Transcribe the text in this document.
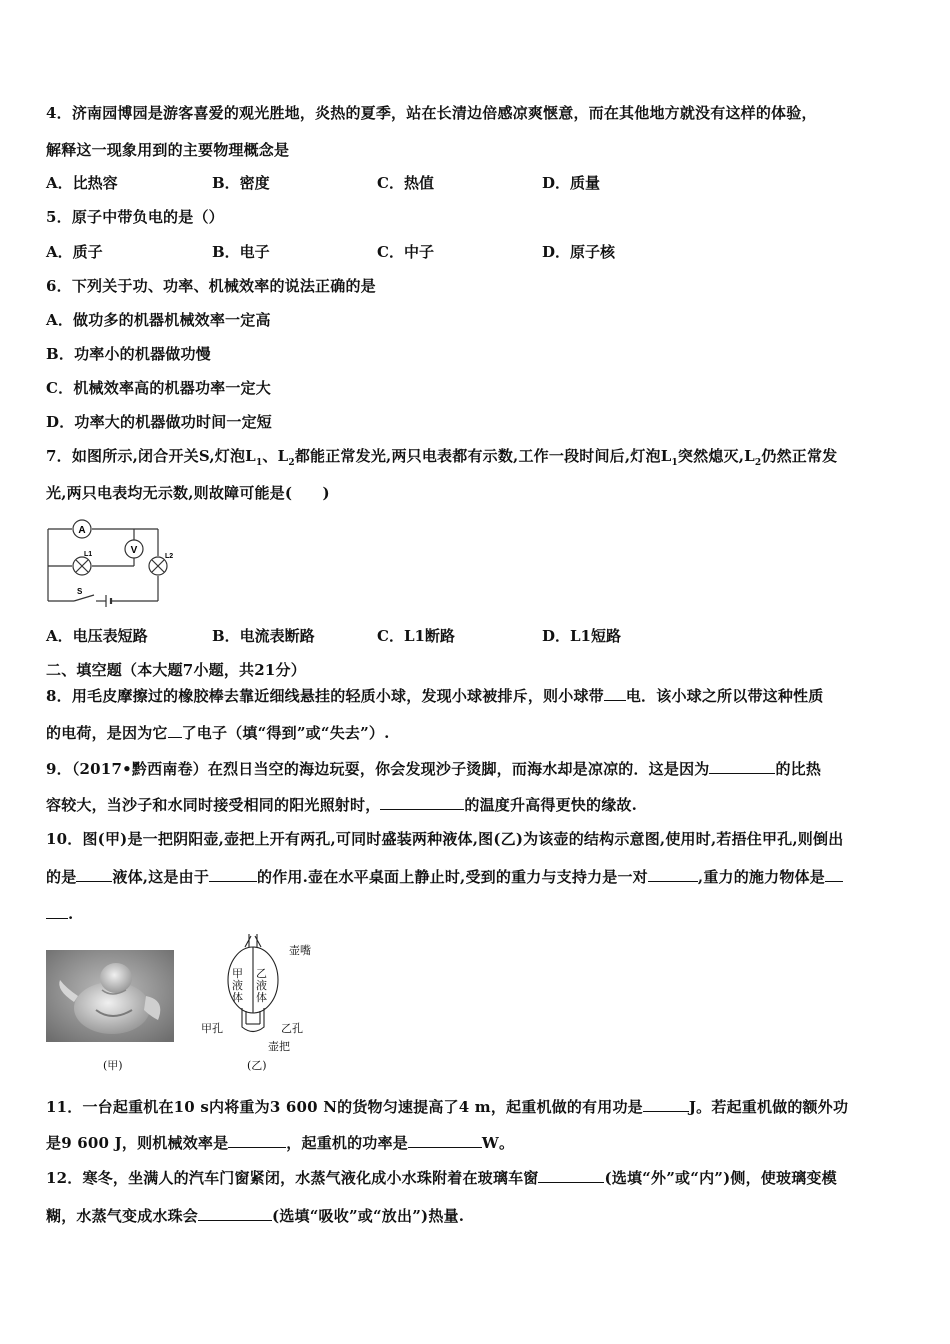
4．济南园博园是游客喜爱的观光胜地，炎热的夏季，站在长清边倍感凉爽惬意，而在其他地方就没有这样的体验，
解释这一现象用到的主要物理概念是
A．比热容	B．密度	C．热值	D．质量
5．原子中带负电的是（）
A．质子	B．电子	C．中子	D．原子核
6．下列关于功、功率、机械效率的说法正确的是
A．做功多的机器机械效率一定高
B．功率小的机器做功慢
C．机械效率高的机器功率一定大
D．功率大的机器做功时间一定短
7．如图所示,闭合开关S,灯泡$L_1$、$L_2$都能正常发光,两只电表都有示数,工作一段时间后,灯泡$L_1$突然熄灭$,L_2$仍然正常发
光,两只电表均无示数,则故障可能是(　　)
A
V
L1	L2
S
A．电压表短路	B．电流表断路	C．L1断路	D．L1短路
二、填空题（本大题7小题，共21分）
8．用毛皮摩擦过的橡胶棒去靠近细线悬挂的轻质小球，发现小球被排斥，则小球带 电．该小球之所以带这种性质
的电荷，是因为它 了电子（填“得到”或“失去”）.
9．（2017•黔西南卷）在烈日当空的海边玩耍，你会发现沙子烫脚，而海水却是凉凉的．这是因为	的比热
容较大，当沙子和水同时接受相同的阳光照射时，	的温度升高得更快的缘故.
10．图(甲)是一把阴阳壶,壶把上开有两孔,可同时盛装两种液体,图(乙)为该壶的结构示意图,使用时,若捂住甲孔,则倒出
的是 液体,这是由于	的作用.壶在水平桌面上静止时,受到的重力与支持力是一对	,重力的施力物体是
.
(甲)
壶嘴
甲液体
乙液体
甲孔	乙孔
壶把
(乙)
11．一台起重机在10 s内将重为3 600 N的货物匀速提高了4 m，起重机做的有用功是	J。若起重机做的额外功
是9 600 J，则机械效率是	，起重机的功率是	W。
12．寒冬，坐满人的汽车门窗紧闭，水蒸气液化成小水珠附着在玻璃车窗	(选填“外”或“内”)侧，使玻璃变模
糊，水蒸气变成水珠会	(选填“吸收”或“放出”)热量.
